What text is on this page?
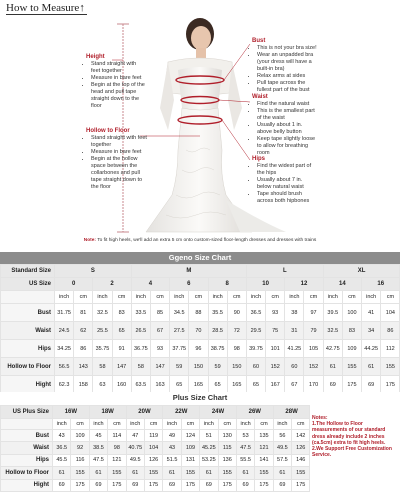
How to Measure↑
Height
• Stand straight with feet together
• Measure in bare feet
• Begin at the top of the head and pull tape straight down to the floor
Hollow to Floor
• Stand straight with feet together
• Measure in bare feet
• Begin at the hollow space between the collarbones and pull tape straight down to the floor
Bust
• This is not your bra size!
• Wear an unpadded bra (your dress will have a built-in bra)
• Relax arms at sides
• Pull tape across the fullest part of the bust
Waist
• Find the natural waist
• This is the smallest part of the waist
• Usually about 1 in. above belly button
• Keep tape slightly loose to allow for breathing room
Hips
• Find the widest part of the hips
• Usually about 7 in. below natural waist
• Tape should brush across both hipbones
Note: To fit high heels, we'll add an extra 5 cm onto custom-sized floor-length dresses and dresses with trains
Ggeno Size Chart
Standard Size	S				M						L				XL			
US Size	0		2		4		6		8		10		12		14		16	
	inch	cm	inch	cm	inch	cm	inch	cm	inch	cm	inch	cm	inch	cm	inch	cm	inch	cm
Bust	31.75	81	32.5	83	33.5	85	34.5	88	35.5	90	36.5	93	38	97	39.5	100	41	104
Waist	24.5	62	25.5	65	26.5	67	27.5	70	28.5	72	29.5	75	31	79	32.5	83	34	86
Hips	34.25	86	35.75	91	36.75	93	37.75	96	38.75	98	39.75	101	41.25	105	42.75	109	44.25	112
Hollow to Floor	56.5	143	58	147	58	147	59	150	59	150	60	152	60	152	61	155	61	155
Hight	62.3	158	63	160	63.5	163	65	165	65	165	65	167	67	170	69	175	69	175
Plus Size Chart
US Plus Size	16W		18W		20W		22W		24W		26W		28W	
	inch	cm	inch	cm	inch	cm	inch	cm	inch	cm	inch	cm	inch	cm
Bust	43	109	45	114	47	119	49	124	51	130	53	135	56	142
Waist	36.5	92	38.5	98	40.75	104	43	109	45.25	115	47.5	121	49.5	126
Hips	45.5	116	47.5	121	49.5	126	51.5	131	53.25	136	55.5	141	57.5	146
Hollow to Floor	61	155	61	155	61	155	61	155	61	155	61	155	61	155
Hight	69	175	69	175	69	175	69	175	69	175	69	175	69	175
Notes:
1.The Hollow to Floor measurements of our standard dress already include 2 inches (ca.5cm) extra to fit high heels.
2.We Support Free Customization Service.
